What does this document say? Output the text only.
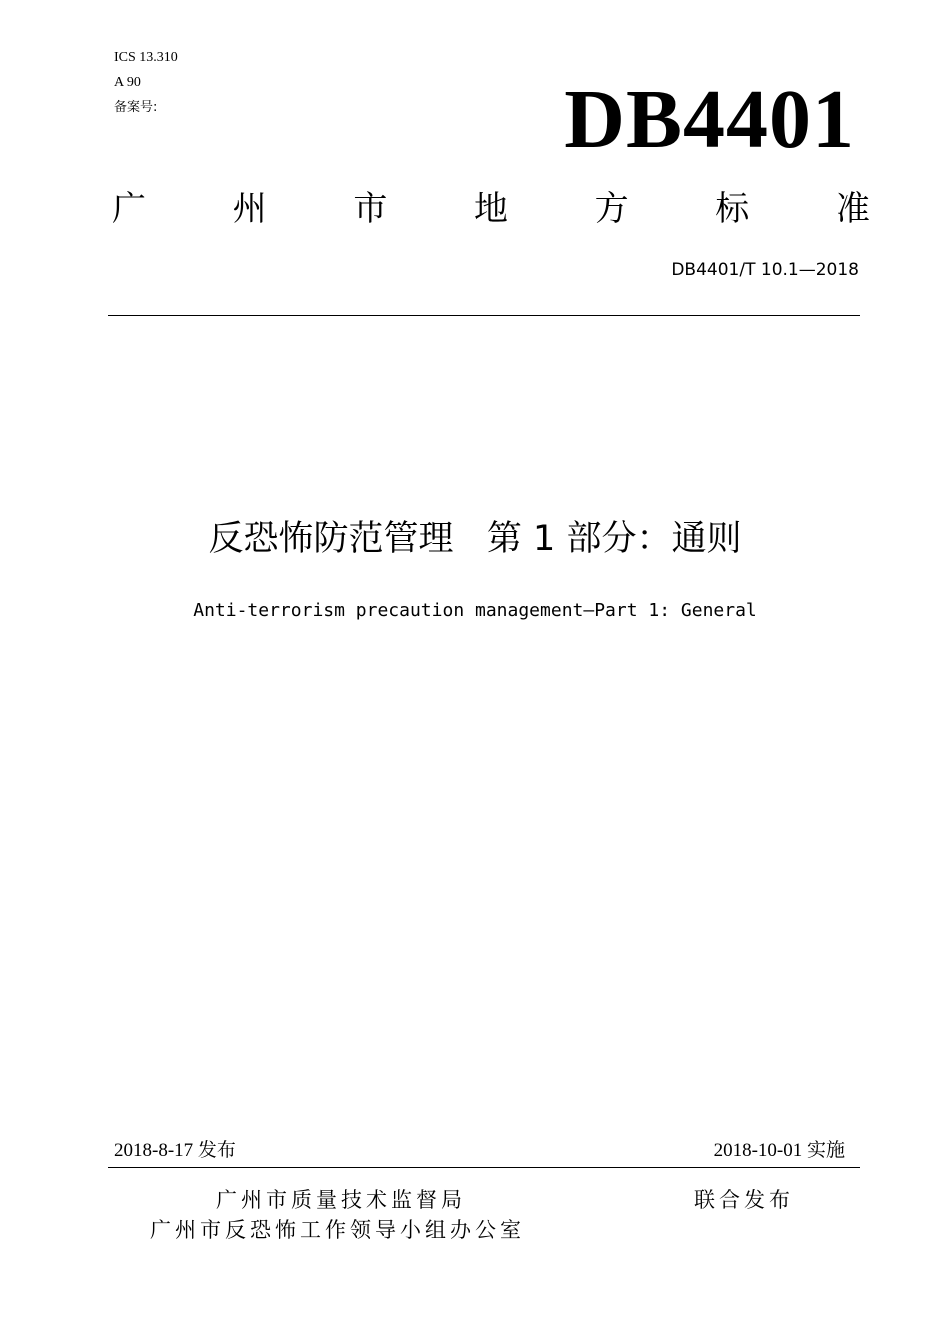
ICS 13.310
A 90
备案号:	DB4401
广	州	市	地	方	标	准
DB4401/T 10.1—2018
反恐怖防范管理   第 1 部分：通则
Anti-terrorism precaution management—Part 1: General
2018-8-17 发布	2018-10-01 实施
广州市质量技术监督局
广州市反恐怖工作领导小组办公室
联合发布
